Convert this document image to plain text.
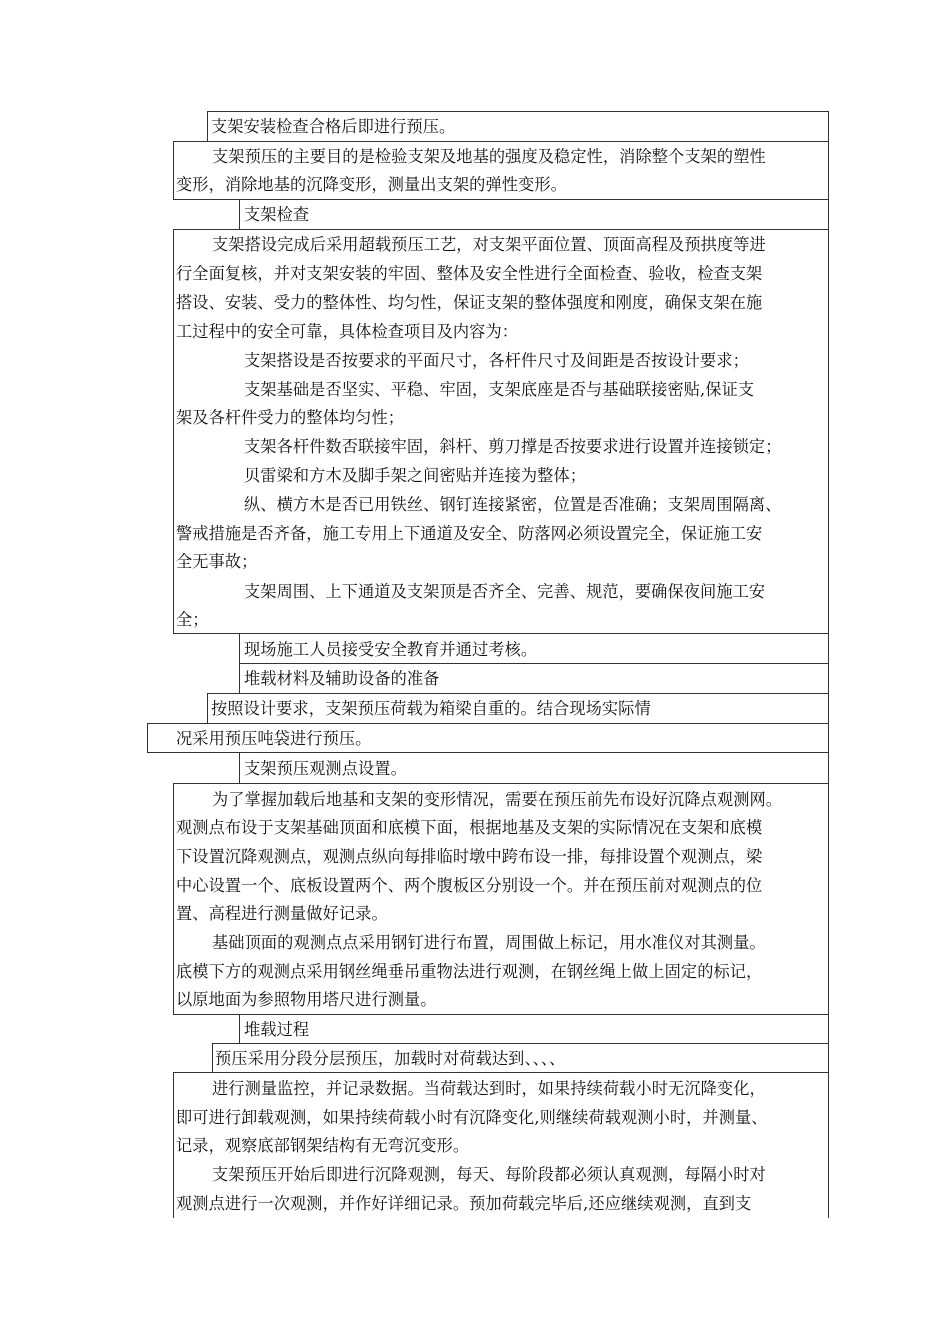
支架安装检查合格后即进行预压。
支架预压的主要目的是检验支架及地基的强度及稳定性，消除整个支架的塑性
变形，消除地基的沉降变形，测量出支架的弹性变形。
支架检查
支架搭设完成后采用超载预压工艺，对支架平面位置、顶面高程及预拱度等进
行全面复核，并对支架安装的牢固、整体及安全性进行全面检查、验收，检查支架
搭设、安装、受力的整体性、均匀性，保证支架的整体强度和刚度，确保支架在施
工过程中的安全可靠，具体检查项目及内容为：
支架搭设是否按要求的平面尺寸，各杆件尺寸及间距是否按设计要求；
支架基础是否坚实、平稳、牢固，支架底座是否与基础联接密贴,保证支
架及各杆件受力的整体均匀性；
支架各杆件数否联接牢固，斜杆、剪刀撑是否按要求进行设置并连接锁定；
贝雷梁和方木及脚手架之间密贴并连接为整体；
纵、横方木是否已用铁丝、钢钉连接紧密，位置是否准确；支架周围隔离、
警戒措施是否齐备，施工专用上下通道及安全、防落网必须设置完全，保证施工安
全无事故；
支架周围、上下通道及支架顶是否齐全、完善、规范，要确保夜间施工安
全；
现场施工人员接受安全教育并通过考核。
堆载材料及辅助设备的准备
按照设计要求，支架预压荷载为箱梁自重的。结合现场实际情
况采用预压吨袋进行预压。
支架预压观测点设置。
为了掌握加载后地基和支架的变形情况，需要在预压前先布设好沉降点观测网。
观测点布设于支架基础顶面和底模下面，根据地基及支架的实际情况在支架和底模
下设置沉降观测点，观测点纵向每排临时墩中跨布设一排，每排设置个观测点，梁
中心设置一个、底板设置两个、两个腹板区分别设一个。并在预压前对观测点的位
置、高程进行测量做好记录。
基础顶面的观测点点采用钢钉进行布置，周围做上标记，用水准仪对其测量。
底模下方的观测点采用钢丝绳垂吊重物法进行观测，在钢丝绳上做上固定的标记，
以原地面为参照物用塔尺进行测量。
堆载过程
预压采用分段分层预压，加载时对荷载达到、、、、
进行测量监控，并记录数据。当荷载达到时，如果持续荷载小时无沉降变化，
即可进行卸载观测，如果持续荷载小时有沉降变化,则继续荷载观测小时，并测量、
记录，观察底部钢架结构有无弯沉变形。
支架预压开始后即进行沉降观测，每天、每阶段都必须认真观测，每隔小时对
观测点进行一次观测，并作好详细记录。预加荷载完毕后,还应继续观测，直到支
